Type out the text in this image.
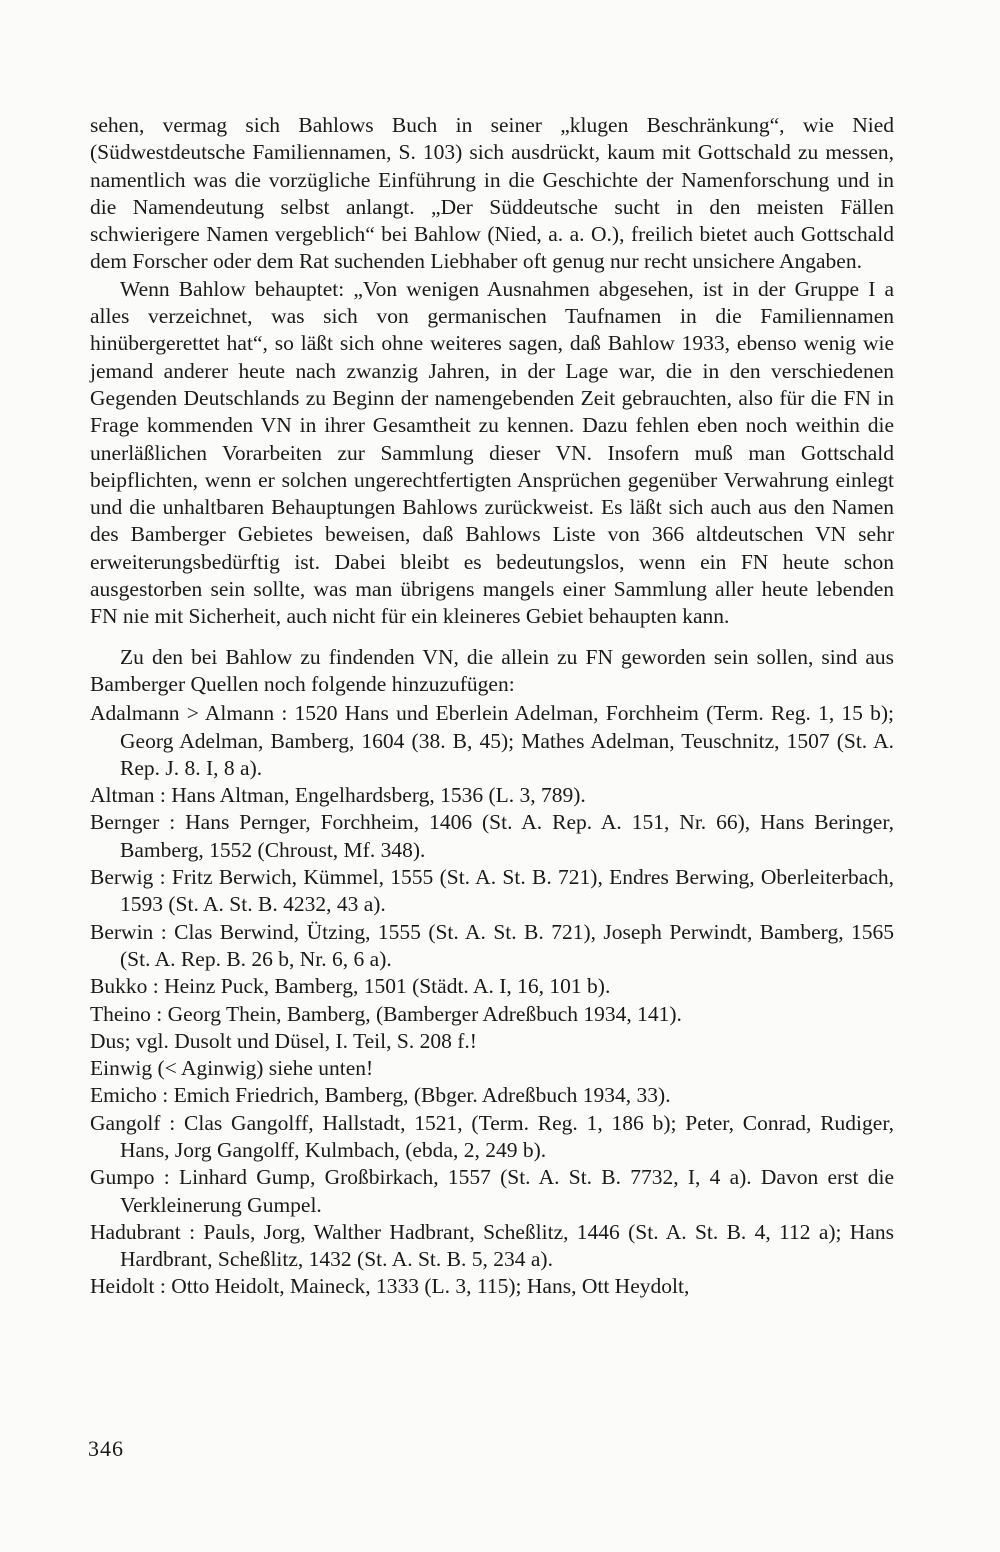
sehen, vermag sich Bahlows Buch in seiner „klugen Beschränkung“, wie Nied (Südwestdeutsche Familiennamen, S. 103) sich ausdrückt, kaum mit Gottschald zu messen, namentlich was die vorzügliche Einführung in die Geschichte der Namenforschung und in die Namendeutung selbst anlangt. „Der Süddeutsche sucht in den meisten Fällen schwierigere Namen vergeblich“ bei Bahlow (Nied, a. a. O.), freilich bietet auch Gottschald dem Forscher oder dem Rat suchenden Liebhaber oft genug nur recht unsichere Angaben.

Wenn Bahlow behauptet: „Von wenigen Ausnahmen abgesehen, ist in der Gruppe I a alles verzeichnet, was sich von germanischen Taufnamen in die Familiennamen hinübergerettet hat“, so läßt sich ohne weiteres sagen, daß Bahlow 1933, ebenso wenig wie jemand anderer heute nach zwanzig Jahren, in der Lage war, die in den verschiedenen Gegenden Deutschlands zu Beginn der namengebenden Zeit gebrauchten, also für die FN in Frage kommenden VN in ihrer Gesamtheit zu kennen. Dazu fehlen eben noch weithin die unerläßlichen Vorarbeiten zur Sammlung dieser VN. Insofern muß man Gottschald beipflichten, wenn er solchen ungerechtfertigten Ansprüchen gegenüber Verwahrung einlegt und die unhaltbaren Behauptungen Bahlows zurückweist. Es läßt sich auch aus den Namen des Bamberger Gebietes beweisen, daß Bahlows Liste von 366 altdeutschen VN sehr erweiterungsbedürftig ist. Dabei bleibt es bedeutungslos, wenn ein FN heute schon ausgestorben sein sollte, was man übrigens mangels einer Sammlung aller heute lebenden FN nie mit Sicherheit, auch nicht für ein kleineres Gebiet behaupten kann.

Zu den bei Bahlow zu findenden VN, die allein zu FN geworden sein sollen, sind aus Bamberger Quellen noch folgende hinzuzufügen:

Adalmann > Almann : 1520 Hans und Eberlein Adelman, Forchheim (Term. Reg. 1, 15 b); Georg Adelman, Bamberg, 1604 (38. B, 45); Mathes Adelman, Teuschnitz, 1507 (St. A. Rep. J. 8. I, 8 a).

Altman : Hans Altman, Engelhardsberg, 1536 (L. 3, 789).

Bernger : Hans Pernger, Forchheim, 1406 (St. A. Rep. A. 151, Nr. 66), Hans Beringer, Bamberg, 1552 (Chroust, Mf. 348).

Berwig : Fritz Berwich, Kümmel, 1555 (St. A. St. B. 721), Endres Berwing, Oberleiterbach, 1593 (St. A. St. B. 4232, 43 a).

Berwin : Clas Berwind, Ützing, 1555 (St. A. St. B. 721), Joseph Perwindt, Bamberg, 1565 (St. A. Rep. B. 26 b, Nr. 6, 6 a).

Bukko : Heinz Puck, Bamberg, 1501 (Städt. A. I, 16, 101 b).

Theino : Georg Thein, Bamberg, (Bamberger Adreßbuch 1934, 141).

Dus; vgl. Dusolt und Düsel, I. Teil, S. 208 f.!

Einwig (< Aginwig) siehe unten!

Emicho : Emich Friedrich, Bamberg, (Bbger. Adreßbuch 1934, 33).

Gangolf : Clas Gangolff, Hallstadt, 1521, (Term. Reg. 1, 186 b); Peter, Conrad, Rudiger, Hans, Jorg Gangolff, Kulmbach, (ebda, 2, 249 b).

Gumpo : Linhard Gump, Großbirkach, 1557 (St. A. St. B. 7732, I, 4 a). Davon erst die Verkleinerung Gumpel.

Hadubrant : Pauls, Jorg, Walther Hadbrant, Scheßlitz, 1446 (St. A. St. B. 4, 112 a); Hans Hardbrant, Scheßlitz, 1432 (St. A. St. B. 5, 234 a).

Heidolt : Otto Heidolt, Maineck, 1333 (L. 3, 115); Hans, Ott Heydolt,

346
